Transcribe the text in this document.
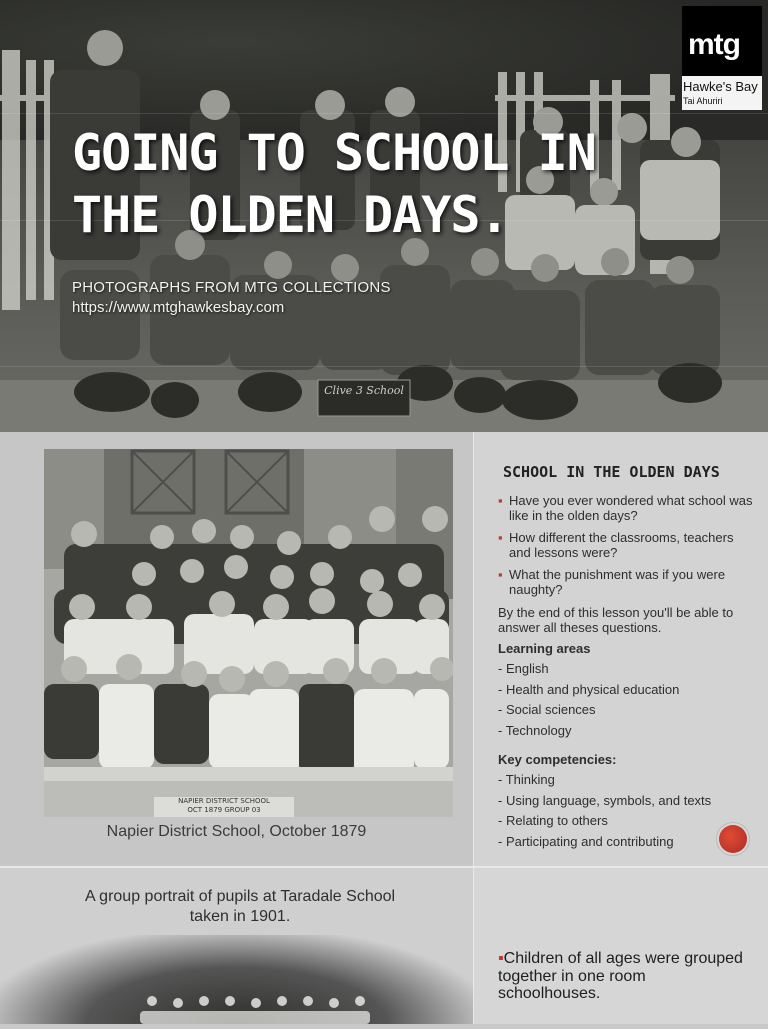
Clive 3 School
GOING TO SCHOOL IN THE OLDEN DAYS.

PHOTOGRAPHS FROM MTG COLLECTIONS

https://www.mtghawkesbay.com

mtg
Hawke's Bay
Tai Ahuriri
NAPIER DISTRICT SCHOOL
OCT 1879 GROUP 03

Napier District School, October 1879

SCHOOL IN THE OLDEN DAYS
▪ Have you ever wondered what school was like in the olden days?
▪ How different the classrooms, teachers and lessons were?
▪ What the punishment was if you were naughty?

By the end of this lesson you'll be able to answer all theses questions.

Learning areas

- English
- Health and physical education
- Social sciences
- Technology

Key competencies:

- Thinking
- Using language, symbols, and texts
- Relating to others
- Participating and contributing

A group portrait of pupils at Taradale School taken in 1901.

▪Children of all ages were grouped together in one room schoolhouses.
